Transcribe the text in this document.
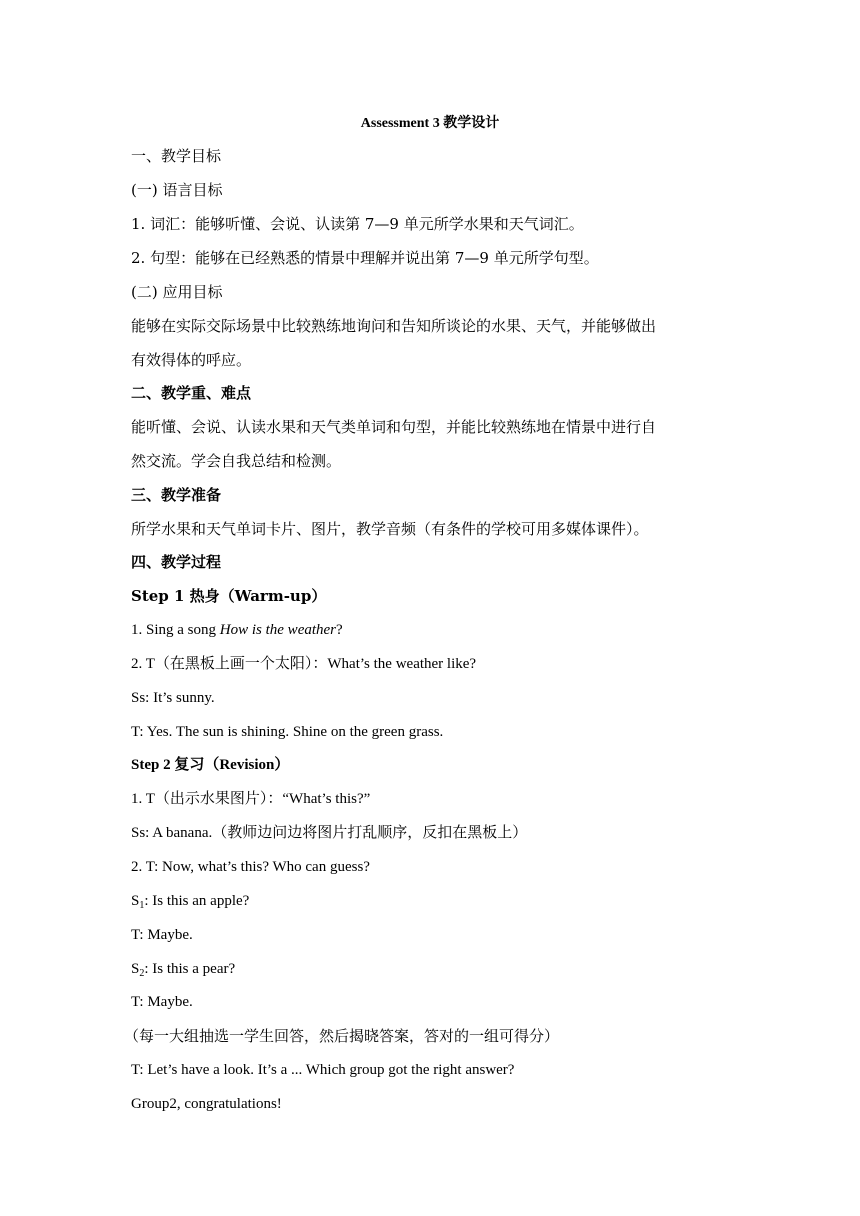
Assessment 3 教学设计
一、教学目标
(一) 语言目标
1. 词汇：能够听懂、会说、认读第 7—9 单元所学水果和天气词汇。
2. 句型：能够在已经熟悉的情景中理解并说出第 7—9 单元所学句型。
(二) 应用目标
能够在实际交际场景中比较熟练地询问和告知所谈论的水果、天气，并能够做出
有效得体的呼应。
二、教学重、难点
能听懂、会说、认读水果和天气类单词和句型，并能比较熟练地在情景中进行自
然交流。学会自我总结和检测。
三、教学准备
所学水果和天气单词卡片、图片，教学音频（有条件的学校可用多媒体课件）。
四、教学过程
Step 1 热身（Warm-up）
1. Sing a song How is the weather?
2. T（在黑板上画一个太阳）：What’s the weather like?
Ss: It’s sunny.
T: Yes. The sun is shining. Shine on the green grass.
Step 2 复习（Revision）
1. T（出示水果图片）：“What’s this?”
Ss: A banana.（教师边问边将图片打乱顺序，反扣在黑板上）
2. T: Now, what’s this? Who can guess?
$S_1$: Is this an apple?
T: Maybe.
$S_2$: Is this a pear?
T: Maybe.
（每一大组抽选一学生回答，然后揭晓答案，答对的一组可得分）
T: Let’s have a look. It’s a ... Which group got the right answer?
Group2, congratulations!
